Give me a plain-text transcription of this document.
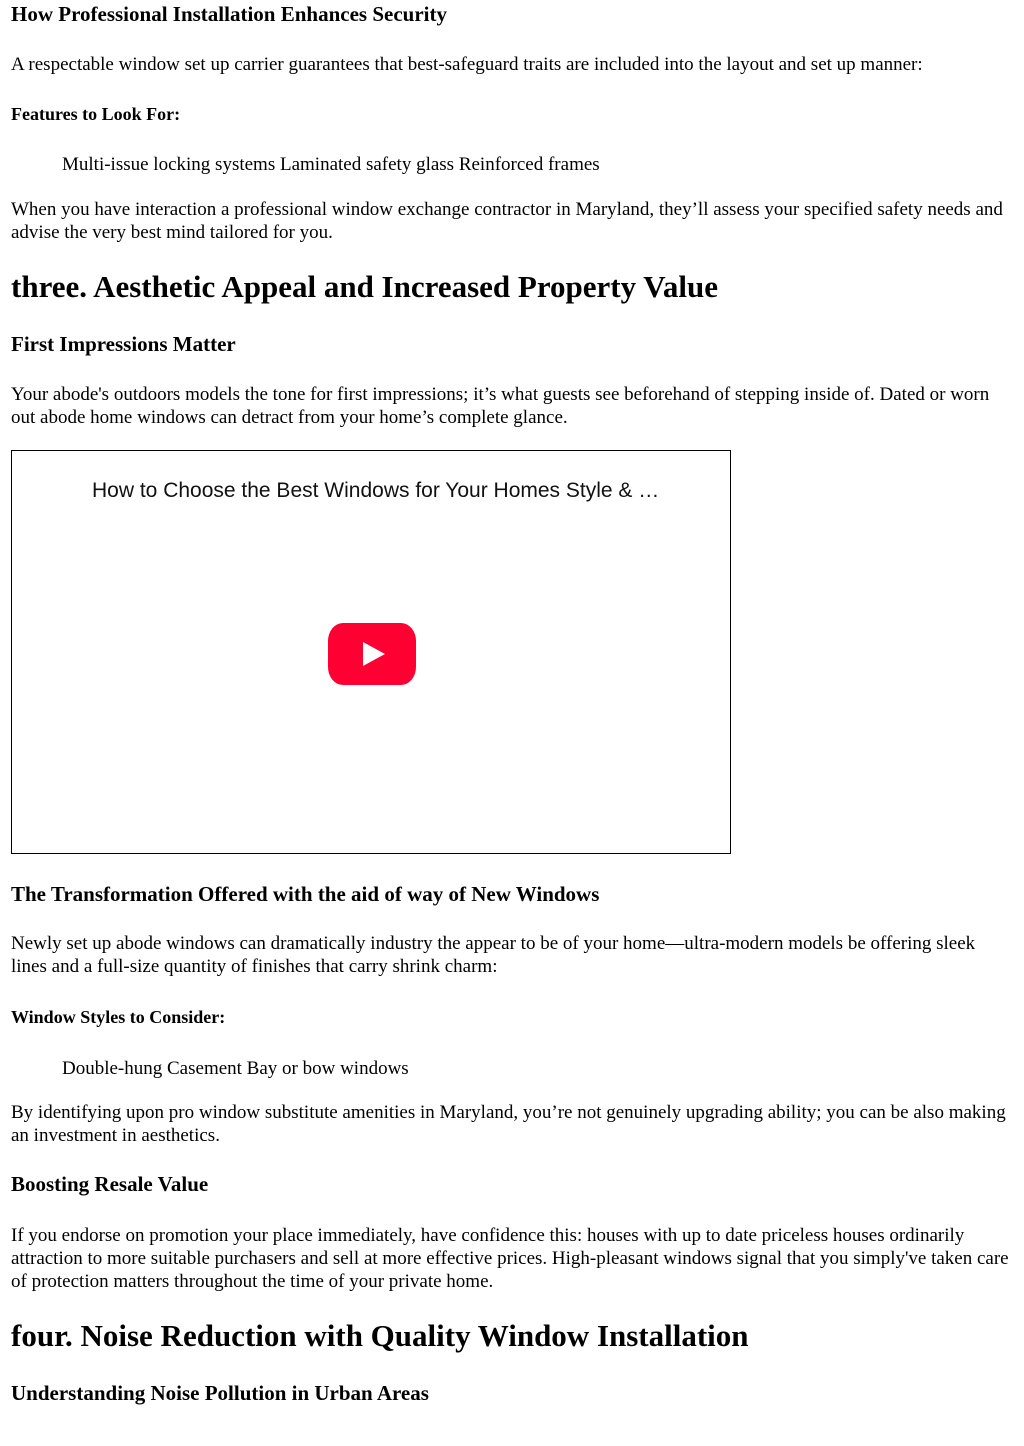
How Professional Installation Enhances Security

A respectable window set up carrier guarantees that best-safeguard traits are included into the layout and set up manner:

Features to Look For:

Multi-issue locking systems Laminated safety glass Reinforced frames

When you have interaction a professional window exchange contractor in Maryland, they’ll assess your specified safety needs and advise the very best mind tailored for you.

three. Aesthetic Appeal and Increased Property Value
First Impressions Matter

Your abode's outdoors models the tone for first impressions; it’s what guests see beforehand of stepping inside of. Dated or worn out abode home windows can detract from your home’s complete glance.

How to Choose the Best Windows for Your Homes Style & …
The Transformation Offered with the aid of way of New Windows

Newly set up abode windows can dramatically industry the appear to be of your home—ultra-modern models be offering sleek lines and a full-size quantity of finishes that carry shrink charm:

Window Styles to Consider:

Double-hung Casement Bay or bow windows

By identifying upon pro window substitute amenities in Maryland, you’re not genuinely upgrading ability; you can be also making an investment in aesthetics.

Boosting Resale Value

If you endorse on promotion your place immediately, have confidence this: houses with up to date priceless houses ordinarily attraction to more suitable purchasers and sell at more effective prices. High-pleasant windows signal that you simply've taken care of protection matters throughout the time of your private home.

four. Noise Reduction with Quality Window Installation
Understanding Noise Pollution in Urban Areas
